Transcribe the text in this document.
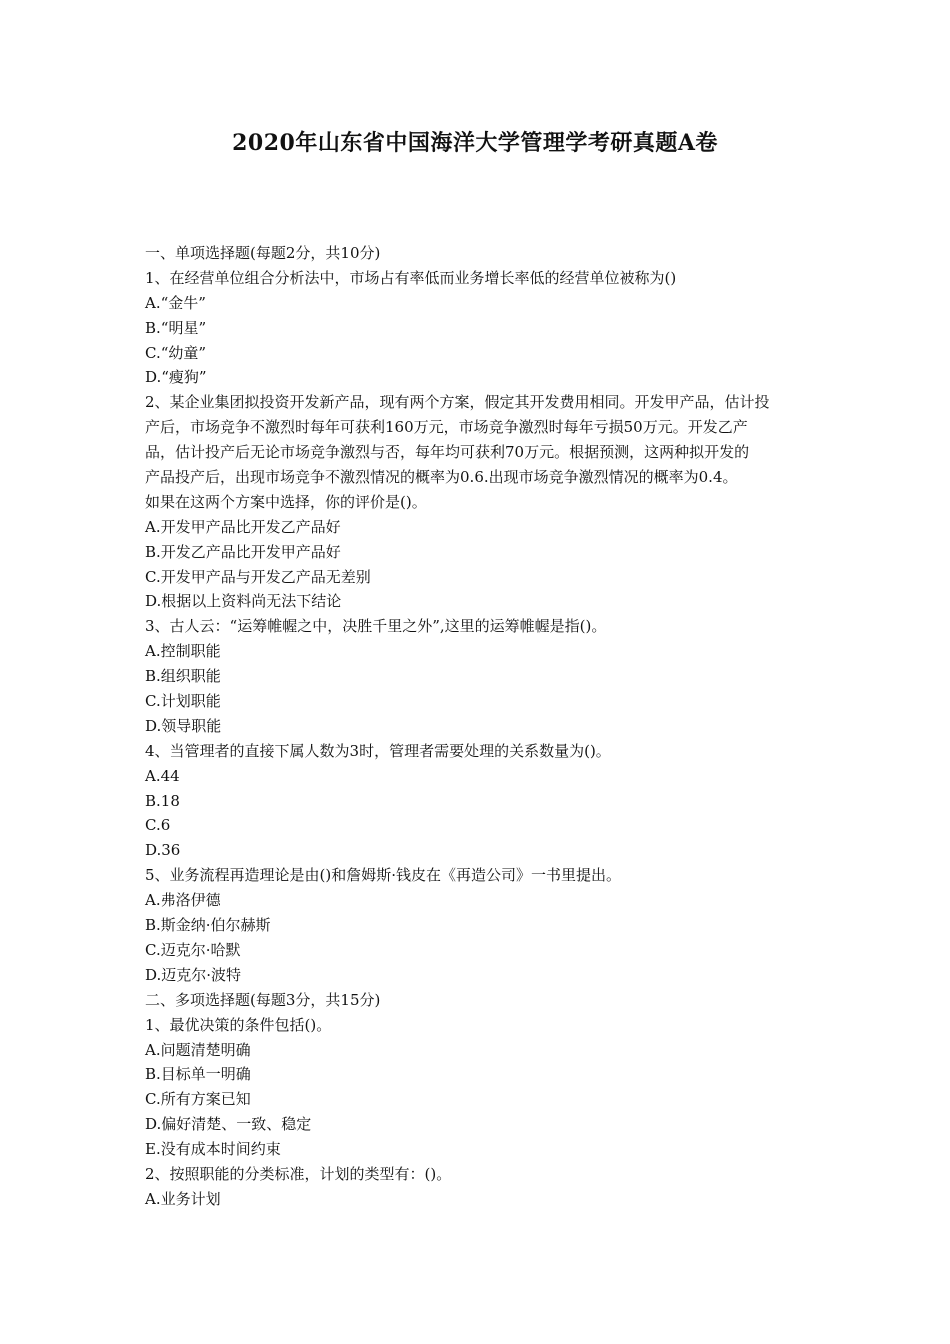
2020年山东省中国海洋大学管理学考研真题A卷
一、单项选择题(每题2分，共10分)
1、在经营单位组合分析法中，市场占有率低而业务增长率低的经营单位被称为()
A.“金牛”
B.“明星”
C.“幼童”
D.“瘦狗”
2、某企业集团拟投资开发新产品，现有两个方案，假定其开发费用相同。开发甲产品，估计投
产后，市场竞争不激烈时每年可获利160万元，市场竞争激烈时每年亏损50万元。开发乙产
品，估计投产后无论市场竞争激烈与否，每年均可获利70万元。根据预测，这两种拟开发的
产品投产后，出现市场竞争不激烈情况的概率为0.6.出现市场竞争激烈情况的概率为0.4。
如果在这两个方案中选择，你的评价是()。
A.开发甲产品比开发乙产品好
B.开发乙产品比开发甲产品好
C.开发甲产品与开发乙产品无差别
D.根据以上资料尚无法下结论
3、古人云：“运筹帷幄之中，决胜千里之外”,这里的运筹帷幄是指()。
A.控制职能
B.组织职能
C.计划职能
D.领导职能
4、当管理者的直接下属人数为3时，管理者需要处理的关系数量为()。
A.44
B.18
C.6
D.36
5、业务流程再造理论是由()和詹姆斯·钱皮在《再造公司》一书里提出。
A.弗洛伊德
B.斯金纳·伯尔赫斯
C.迈克尔·哈默
D.迈克尔·波特
二、多项选择题(每题3分，共15分)
1、最优决策的条件包括()。
A.问题清楚明确
B.目标单一明确
C.所有方案已知
D.偏好清楚、一致、稳定
E.没有成本时间约束
2、按照职能的分类标准，计划的类型有：()。
A.业务计划
